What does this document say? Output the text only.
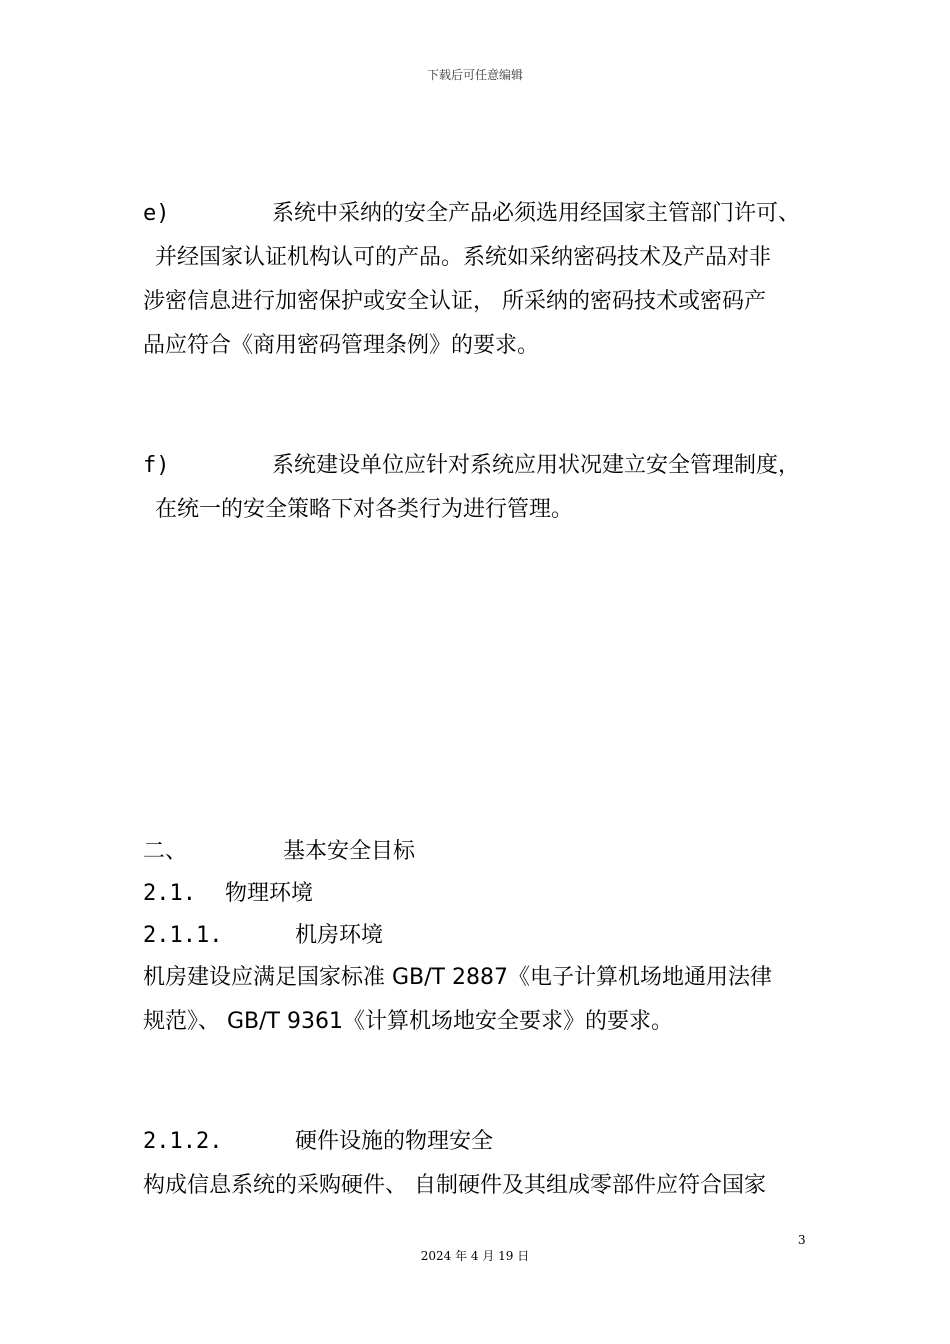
下载后可任意编辑
e)	系统中采纳的安全产品必须选用经国家主管部门许可、
并经国家认证机构认可的产品。系统如采纳密码技术及产品对非
涉密信息进行加密保护或安全认证， 所采纳的密码技术或密码产
品应符合《商用密码管理条例》的要求。
f)	系统建设单位应针对系统应用状况建立安全管理制度，
在统一的安全策略下对各类行为进行管理。
二、	基本安全目标
2.1. 物理环境
2.1.1.	机房环境
机房建设应满足国家标准 GB/T 2887《电子计算机场地通用法律
规范》、 GB/T 9361《计算机场地安全要求》的要求。
2.1.2.	硬件设施的物理安全
构成信息系统的采购硬件、 自制硬件及其组成零部件应符合国家
3
2024 年 4 月 19 日
